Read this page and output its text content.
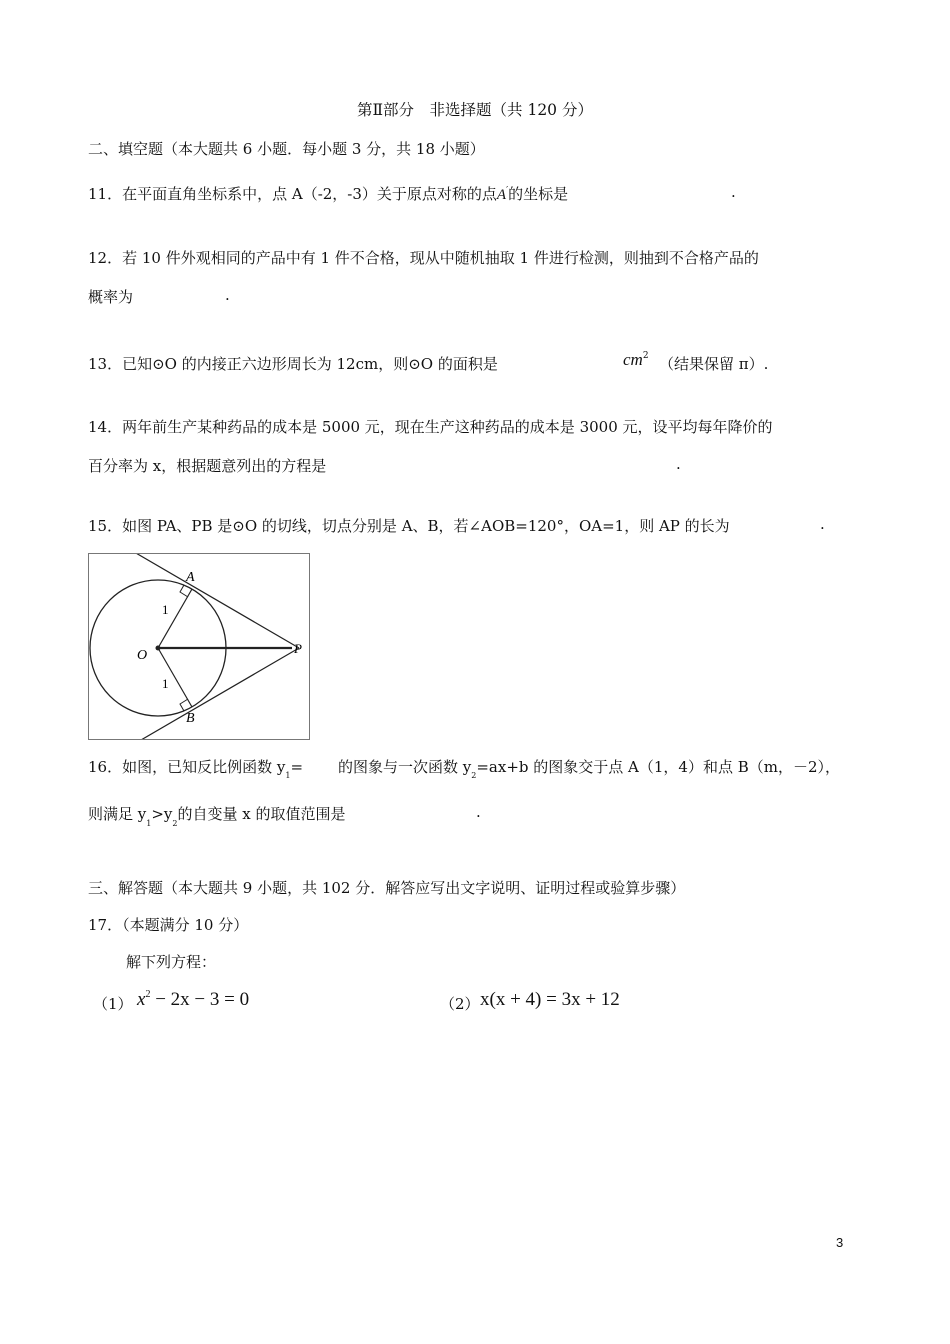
第Ⅱ部分　非选择题（共 120 分）
二、填空题（本大题共 6 小题．每小题 3 分，共 18 小题）
11．在平面直角坐标系中，点 A（-2，-3）关于原点对称的点A′的坐标是	.
12．若 10 件外观相同的产品中有 1 件不合格，现从中随机抽取 1 件进行检测，则抽到不合格产品的
概率为	.
13．已知⊙O 的内接正六边形周长为 12cm，则⊙O 的面积是	$cm^2$ （结果保留 π）.
14．两年前生产某种药品的成本是 5000 元，现在生产这种药品的成本是 3000 元，设平均每年降价的
百分率为 x，根据题意列出的方程是	.
15．如图 PA、PB 是⊙O 的切线，切点分别是 A、B，若∠AOB=120°，OA=1，则 AP 的长为	.
A
B
O	P
1
1
16．如图，已知反比例函数 $y_1=$ 的图象与一次函数 $y_2=ax+b$ 的图象交于点 A（1，4）和点 B（m，－2），
则满足 $y_1>y_2$的自变量 x 的取值范围是	.
三、解答题（本大题共 9 小题，共 102 分．解答应写出文字说明、证明过程或验算步骤）
17．（本题满分 10 分）
解下列方程：
（1） $x^2 - 2x - 3 = 0$	（2） x(x + 4) = 3x + 12
3
